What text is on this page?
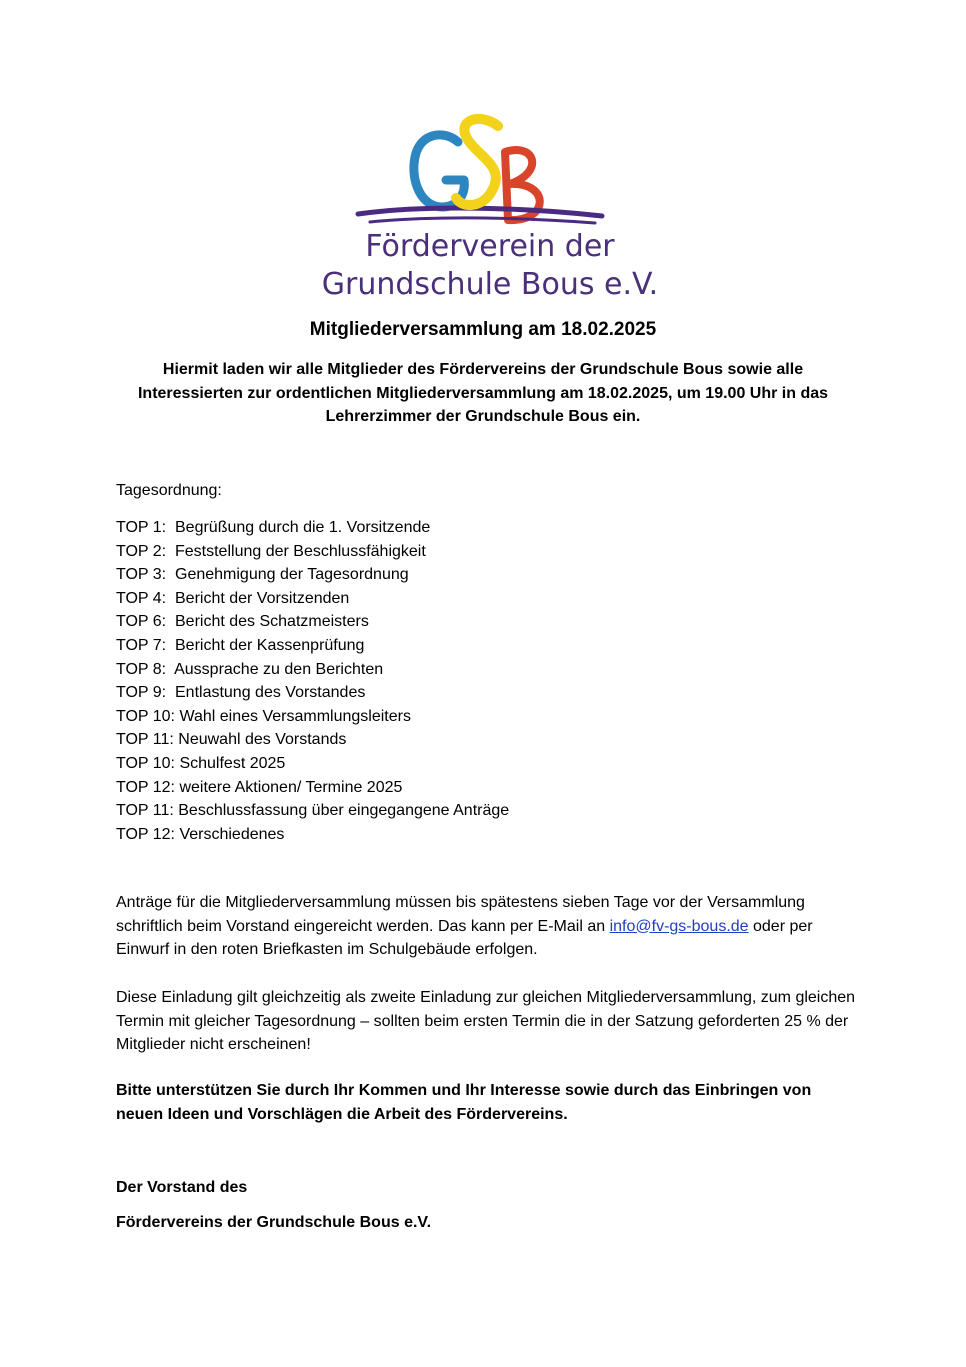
Förderverein der
Grundschule Bous e.V.
Mitgliederversammlung am 18.02.2025

Hiermit laden wir alle Mitglieder des Fördervereins der Grundschule Bous sowie alle Interessierten zur ordentlichen Mitgliederversammlung am 18.02.2025, um 19.00 Uhr in das Lehrerzimmer der Grundschule Bous ein.

Tagesordnung:

TOP 1:  Begrüßung durch die 1. Vorsitzende
TOP 2:  Feststellung der Beschlussfähigkeit
TOP 3:  Genehmigung der Tagesordnung
TOP 4:  Bericht der Vorsitzenden
TOP 6:  Bericht des Schatzmeisters
TOP 7:  Bericht der Kassenprüfung
TOP 8:  Aussprache zu den Berichten
TOP 9:  Entlastung des Vorstandes
TOP 10: Wahl eines Versammlungsleiters
TOP 11: Neuwahl des Vorstands
TOP 10: Schulfest 2025
TOP 12: weitere Aktionen/ Termine 2025
TOP 11: Beschlussfassung über eingegangene Anträge
TOP 12: Verschiedenes

Anträge für die Mitgliederversammlung müssen bis spätestens sieben Tage vor der Versammlung schriftlich beim Vorstand eingereicht werden. Das kann per E-Mail an info@fv-gs-bous.de oder per Einwurf in den roten Briefkasten im Schulgebäude erfolgen.

Diese Einladung gilt gleichzeitig als zweite Einladung zur gleichen Mitgliederversammlung, zum gleichen Termin mit gleicher Tagesordnung – sollten beim ersten Termin die in der Satzung geforderten 25 % der Mitglieder nicht erscheinen!

Bitte unterstützen Sie durch Ihr Kommen und Ihr Interesse sowie durch das Einbringen von neuen Ideen und Vorschlägen die Arbeit des Fördervereins.

Der Vorstand des

Fördervereins der Grundschule Bous e.V.
